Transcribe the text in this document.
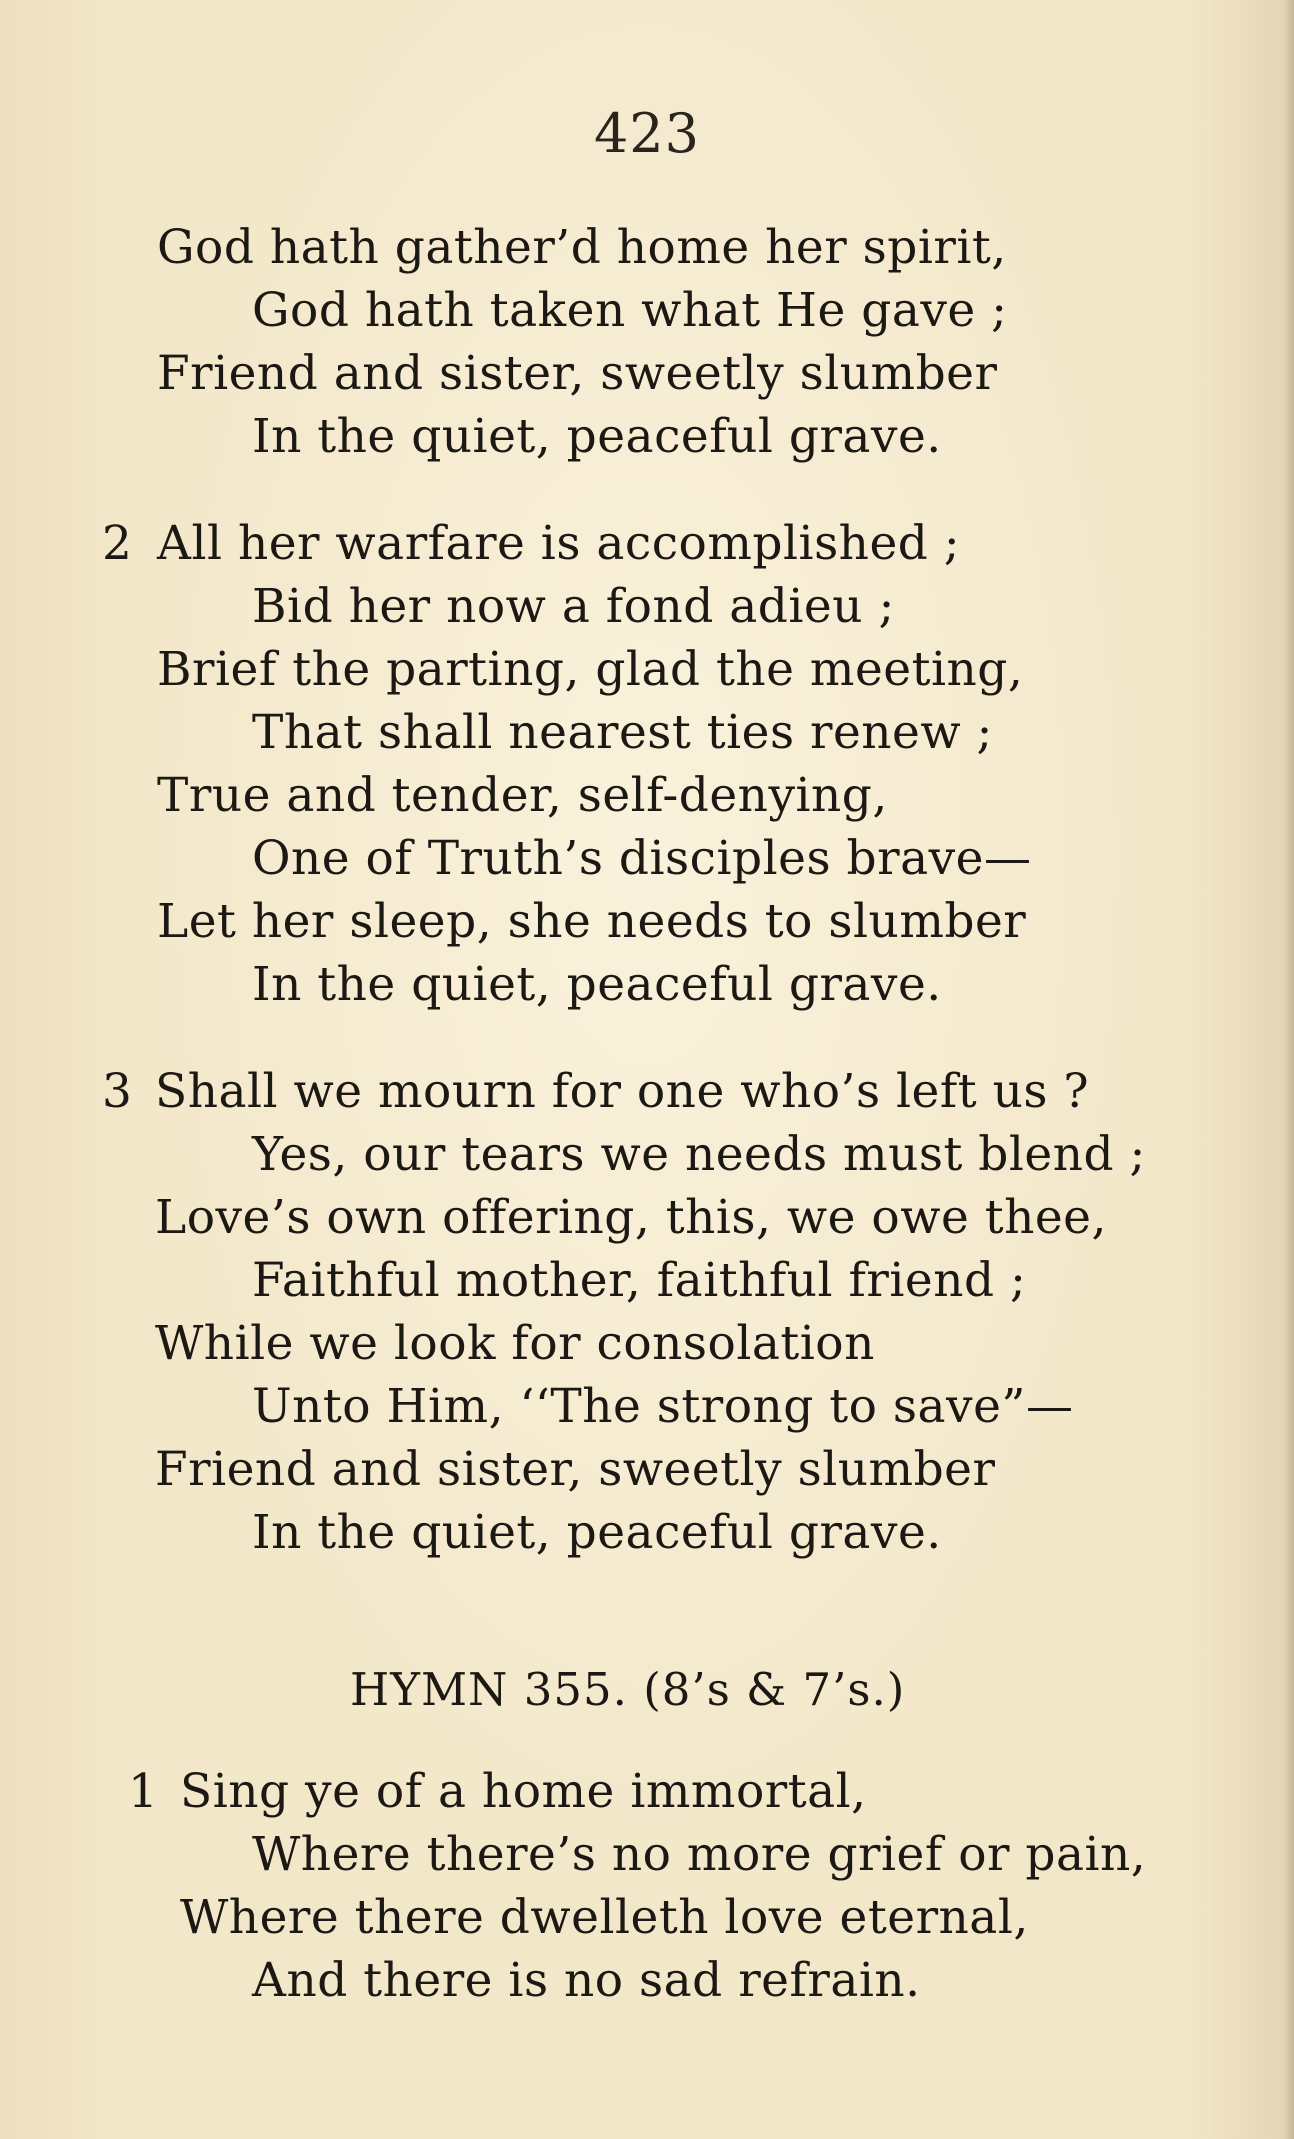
423
God hath gather’d home her spirit,
God hath taken what He gave ;
Friend and sister, sweetly slumber
In the quiet, peaceful grave.
2 All her warfare is accomplished ;
Bid her now a fond adieu ;
Brief the parting, glad the meeting,
That shall nearest ties renew ;
True and tender, self-denying,
One of Truth’s disciples brave—
Let her sleep, she needs to slumber
In the quiet, peaceful grave.
3 Shall we mourn for one who’s left us ?
Yes, our tears we needs must blend ;
Love’s own offering, this, we owe thee,
Faithful mother, faithful friend ;
While we look for consolation
Unto Him, ‘‘The strong to save”—
Friend and sister, sweetly slumber
In the quiet, peaceful grave.
HYMN 355. (8’s & 7’s.)
1 Sing ye of a home immortal,
Where there’s no more grief or pain,
Where there dwelleth love eternal,
And there is no sad refrain.
